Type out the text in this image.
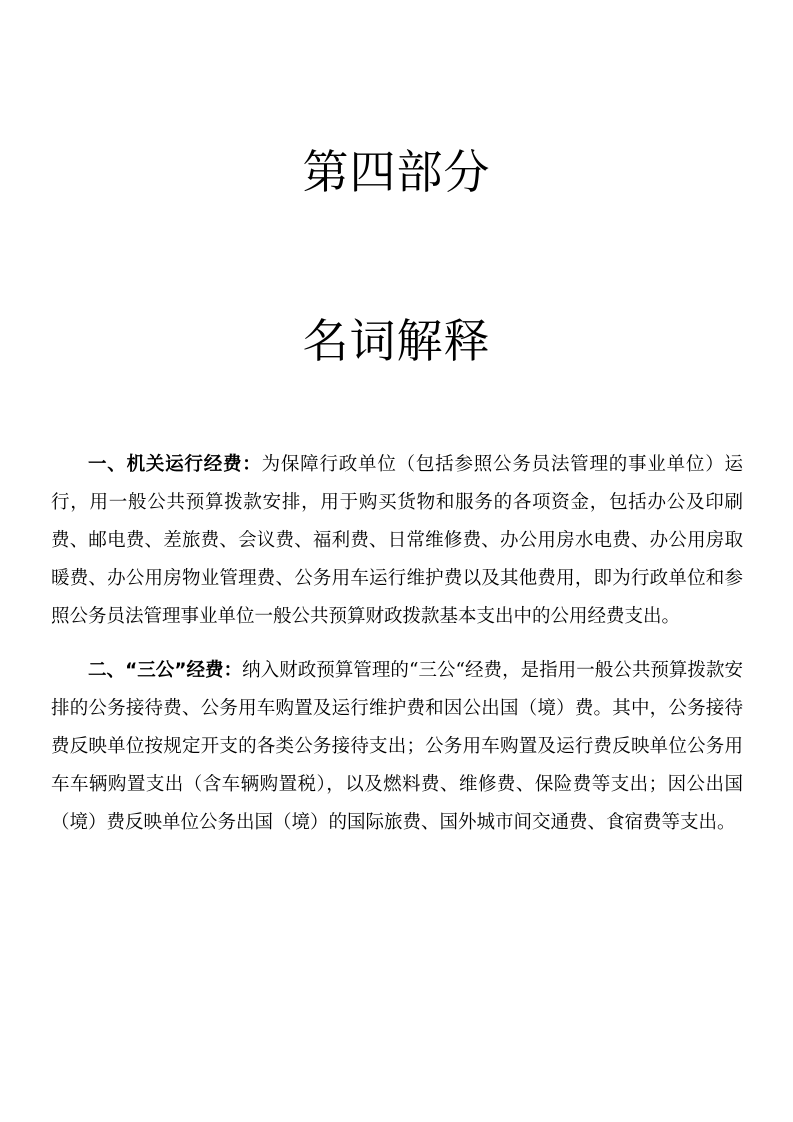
第四部分
名词解释

一、机关运行经费：为保障行政单位（包括参照公务员法管理的事业单位）运行，用一般公共预算拨款安排，用于购买货物和服务的各项资金，包括办公及印刷费、邮电费、差旅费、会议费、福利费、日常维修费、办公用房水电费、办公用房取暖费、办公用房物业管理费、公务用车运行维护费以及其他费用，即为行政单位和参照公务员法管理事业单位一般公共预算财政拨款基本支出中的公用经费支出。

二、“三公”经费：纳入财政预算管理的“三公“经费，是指用一般公共预算拨款安排的公务接待费、公务用车购置及运行维护费和因公出国（境）费。其中，公务接待费反映单位按规定开支的各类公务接待支出；公务用车购置及运行费反映单位公务用车车辆购置支出（含车辆购置税），以及燃料费、维修费、保险费等支出；因公出国（境）费反映单位公务出国（境）的国际旅费、国外城市间交通费、食宿费等支出。
